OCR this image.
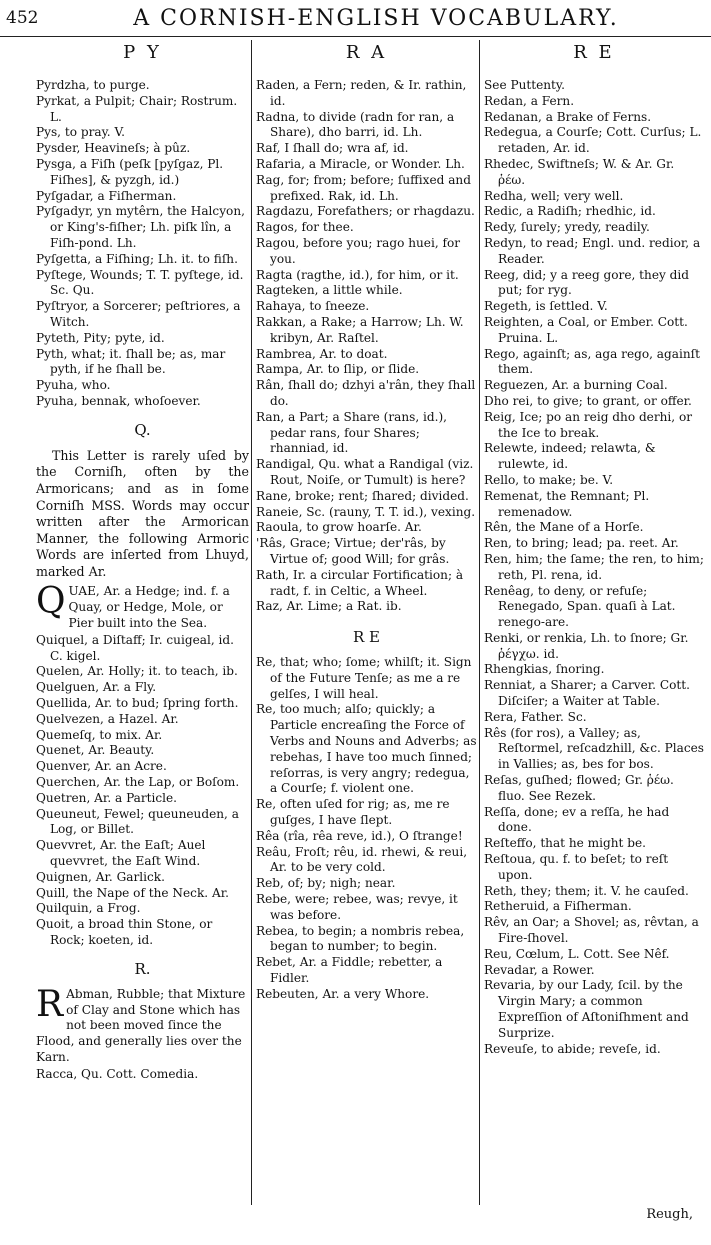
452	A CORNISH-ENGLISH VOCABULARY.
P Y

Pyrdzha, to purge.

Pyrkat, a Pulpit; Chair; Rostrum. L.

Pys, to pray. V.

Pysder, Heavineſs; à pûz.

Pysga, a Fiſh (peſk [pyſgaz, Pl. Fiſhes], & pyzgh, id.)

Pyſgadar, a Fiſherman.

Pyſgadyr, yn mytêrn, the Halcyon, or King's-fiſher; Lh. piſk lîn, a Fiſh-pond. Lh.

Pyſgetta, a Fiſhing; Lh. it. to fiſh.

Pyſtege, Wounds; T. T. pyſtege, id. Sc. Qu.

Pyſtryor, a Sorcerer; peſtriores, a Witch.

Pyteth, Pity; pyte, id.

Pyth, what; it. ſhall be; as, mar pyth, if he ſhall be.

Pyuha, who.

Pyuha, bennak, whoſoever.

Q.

This Letter is rarely uſed by the Corniſh, often by the Armoricans; and as in ſome Corniſh MSS. Words may occur written after the Armorican Manner, the following Armoric Words are inſerted from Lhuyd, marked Ar.

QUAE, Ar. a Hedge; ind. f. a Quay, or Hedge, Mole, or Pier built into the Sea.

Quiquel, a Diſtaff; Ir. cuigeal, id. C. kigel.

Quelen, Ar. Holly; it. to teach, ib.

Quelguen, Ar. a Fly.

Quellida, Ar. to bud; ſpring forth.

Quelvezen, a Hazel. Ar.

Quemeſq, to mix. Ar.

Quenet, Ar. Beauty.

Quenver, Ar. an Acre.

Querchen, Ar. the Lap, or Boſom.

Quetren, Ar. a Particle.

Queuneut, Fewel; queuneuden, a Log, or Billet.

Quevvret, Ar. the Eaſt; Auel quevvret, the Eaſt Wind.

Quignen, Ar. Garlick.

Quill, the Nape of the Neck. Ar.

Quilquin, a Frog.

Quoit, a broad thin Stone, or Rock; koeten, id.

R.
R Abman, Rubble; that Mixture of Clay and Stone which has not been moved ſince the Flood, and generally lies over the Karn.

Racca, Qu. Cott. Comedia.

R A

Raden, a Fern; reden, & Ir. rathin, id.

Radna, to divide (radn for ran, a Share), dho barri, id. Lh.

Raf, I ſhall do; wra af, id.

Rafaria, a Miracle, or Wonder. Lh.

Rag, for; from; before; ſuffixed and prefixed. Rak, id. Lh.

Ragdazu, Forefathers; or rhagdazu.

Ragos, for thee.

Ragou, before you; rago huei, for you.

Ragta (ragthe, id.), for him, or it.

Ragteken, a little while.

Rahaya, to ſneeze.

Rakkan, a Rake; a Harrow; Lh. W. kribyn, Ar. Raſtel.

Rambrea, Ar. to doat.

Rampa, Ar. to ſlip, or ſlide.

Rân, ſhall do; dzhyi a'rân, they ſhall do.

Ran, a Part; a Share (rans, id.), pedar rans, four Shares; rhanniad, id.

Randigal, Qu. what a Randigal (viz. Rout, Noiſe, or Tumult) is here?

Rane, broke; rent; ſhared; divided.

Raneie, Sc. (rauny, T. T. id.), vexing.

Raoula, to grow hoarſe. Ar.

'Râs, Grace; Virtue; der'râs, by Virtue of; good Will; for grâs.

Rath, Ir. a circular Fortification; à radt, f. in Celtic, a Wheel.

Raz, Ar. Lime; a Rat. ib.

R E

Re, that; who; ſome; whilſt; it. Sign of the Future Tenſe; as me a re gelſes, I will heal.

Re, too much; alſo; quickly; a Particle encreaſing the Force of Verbs and Nouns and Adverbs; as rebehas, I have too much ſinned; reſorras, is very angry; redegua, a Courſe; f. violent one.

Re, often uſed for rig; as, me re guſges, I have ſlept.

Rêa (rîa, rêa reve, id.), O ſtrange!

Reâu, Froſt; rêu, id. rhewi, & reui, Ar. to be very cold.

Reb, of; by; nigh; near.

Rebe, were; rebee, was; revye, it was before.

Rebea, to begin; a nombris rebea, began to number; to begin.

Rebet, Ar. a Fiddle; rebetter, a Fidler.

Rebeuten, Ar. a very Whore.

R E

See Puttenty.

Redan, a Fern.

Redanan, a Brake of Ferns.

Redegua, a Courſe; Cott. Curſus; L. retaden, Ar. id.

Rhedec, Swiftneſs; W. & Ar. Gr. ῥέω.

Redha, well; very well.

Redic, a Radiſh; rhedhic, id.

Redy, ſurely; yredy, readily.

Redyn, to read; Engl. und. redior, a Reader.

Reeg, did; y a reeg gore, they did put; for ryg.

Regeth, is ſettled. V.

Reighten, a Coal, or Ember. Cott. Pruina. L.

Rego, againſt; as, aga rego, againſt them.

Reguezen, Ar. a burning Coal.

Dho rei, to give; to grant, or offer.

Reig, Ice; po an reig dho derhi, or the Ice to break.

Relewte, indeed; relawta, & rulewte, id.

Rello, to make; be. V.

Remenat, the Remnant; Pl. remenadow.

Rên, the Mane of a Horſe.

Ren, to bring; lead; pa. reet. Ar.

Ren, him; the ſame; the ren, to him; reth, Pl. rena, id.

Renêag, to deny, or refuſe; Renegado, Span. quaſi à Lat. renego-are.

Renki, or renkia, Lh. to ſnore; Gr. ῥέγχω. id.

Rhengkias, ſnoring.

Renniat, a Sharer; a Carver. Cott. Diſciſer; a Waiter at Table.

Rera, Father. Sc.

Rês (for ros), a Valley; as, Reſtormel, reſcadzhill, &c. Places in Vallies; as, bes for bos.

Reſas, guſhed; flowed; Gr. ῥέω. fluo. See Rezek.

Reſſa, done; ev a reſſa, he had done.

Reſteffo, that he might be.

Reſtoua, qu. f. to beſet; to reſt upon.

Reth, they; them; it. V. he cauſed.

Retheruid, a Fiſherman.

Rêv, an Oar; a Shovel; as, rêvtan, a Fire-ſhovel.

Reu, Cœlum, L. Cott. See Nêf.

Revadar, a Rower.

Revaria, by our Lady, ſcil. by the Virgin Mary; a common Expreſſion of Aſtoniſhment and Surprize.

Reveuſe, to abide; reveſe, id.

Reugh,
